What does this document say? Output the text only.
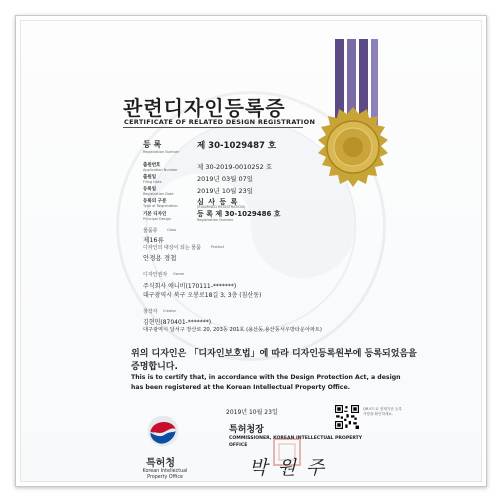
관련디자인등록증
CERTIFICATE OF RELATED DESIGN REGISTRATION
등 록
Registration Number
제 30-1029487 호
출원번호
Application Number	제 30-2019-0010252 호
출원일
Filing Date	2019년 03월 07일
등록일
Registration Date	2019년 10월 23일
등록의 구분
Type of Registration	심 사 등 록
(EXAMINED REGISTRATION)
기본 디자인
Principal Design
등 록 제 30-1029486 호
Registration Number
물품류	Class
제16류
디자인의 대상이 되는 물품	Product
안경용 경첩
디자인권자 Owner
주식회사 애니비(170111-*******)
대구광역시 북구 오봉로18길 3, 3층 (침산동)
창작자 Creator
김현민(870401-*******)
대구광역시 달서구 장산로 20, 203동 201호 (용산동,용산동서우방타운아파트)
위의 디자인은 「디자인보호법」에 따라 디자인등록원부에 등록되었음을
증명합니다.
This is to certify that, in accordance with the Design Protection Act, a design has been registered at the Korean Intellectual Property Office.
2019년 10월 23일	QR코드로 현재기준 등록사항을 확인하세요.
특허청장
COMMISSIONER, KOREAN INTELLECTUAL PROPERTY OFFICE
박 원 주
특허청
Korean Intellectual Property Office
